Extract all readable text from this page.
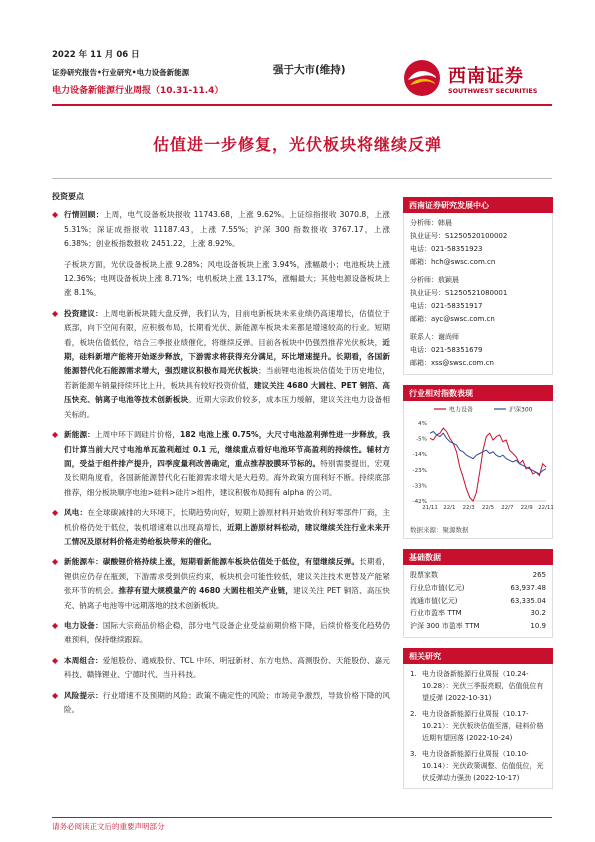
2022 年 11 月 06 日
证券研究报告•行业研究•电力设备新能源
电力设备新能源行业周报（10.31-11.4）
强于大市(维持)	西南证券
SOUTHWEST SECURITIES
估值进一步修复，光伏板块将继续反弹
投资要点
◆ 行情回顾：上周，电气设备板块报收 11743.68，上涨 9.62%。上证综指报收 3070.8，上涨 5.31%；深证成指报收 11187.43，上涨 7.55%；沪深 300 指数报收 3767.17，上涨 6.38%；创业板指数报收 2451.22，上涨 8.92%。
子板块方面，光伏设备板块上涨 9.28%；风电设备板块上涨 3.94%，涨幅最小；电池板块上涨 12.36%；电网设备板块上涨 8.71%；电机板块上涨 13.17%，涨幅最大；其他电源设备板块上涨 8.1%。
◆ 投资建议：上周电新板块随大盘反弹，我们认为，目前电新板块未来业绩仍高速增长，估值位于底部，向下空间有限，应积极布局，长期看光伏、新能源车板块未来都是增速较高的行业。短期看，板块估值低位，结合三季报业绩催化，将继续反弹。目前各板块中仍强烈推荐光伏板块，近期，硅料新增产能将开始逐步释放，下游需求将获得充分满足，环比增速提升。长期看，各国新能源替代化石能源需求增大，强烈建议积极布局光伏板块；当前锂电池板块估值处于历史地位，若新能源车销量持续环比上升，板块具有较好投资价值，建议关注 4680 大圆柱、PET 铜箔、高压快充、钠离子电池等技术创新板块。近期大宗政价较多，成本压力缓解，建议关注电力设备相关标的。
◆ 新能源：上周中环下调硅片价格，182 电池上涨 0.75%，大尺寸电池盈利弹性进一步释放，我们计算当前大尺寸电池单瓦盈利超过 0.1 元，继续重点看好电池环节高盈利的持续性。辅材方面，受益于组件排产提升，四季度量利改善确定，重点推荐胶膜环节标的。特别需要提出，宏观及长期角度看，各国新能源替代化石能源需求增大是大趋势。海外政策方面利好不断。持续底部推荐，细分板块顺序电池>硅料>硅片>组件，建议积极布局拥有 alpha 的公司。
◆ 风电：在全球碳减排的大环境下，长期趋势向好，短期上游原材料开始效价利好零部件厂商，主机价格仍处于低位，装机增速难以出现高增长，近期上游原材料松动，建议继续关注行业未来开工情况及原材料价格走势给板块带来的催化。
◆ 新能源车：碳酸锂价格持续上涨，短期看新能源车板块估值处于低位，有望继续反弹。长期看，锂供应仍存在瓶颈，下游需求受到供应约束，板块机会可能性较低，建议关注技术更替及产能紧张环节的机会。推荐有望大规模量产的 4680 大圆柱相关产业链，建议关注 PET 铜箔、高压快充、钠离子电池等中远期落地的技术创新板块。
◆ 电力设备：国际大宗商品价格企稳，部分电气设备企业受益前期价格下降，后续价格变化趋势仍难预料，保持继续跟踪。
◆ 本周组合：爱旭股份、通威股份、TCL 中环、明冠新材、东方电热、高测股份、天能股份、嘉元科技、赣锋锂业、宁德时代、当升科技。
◆ 风险提示：行业增速不及预期的风险；政策不确定性的风险；市场竞争激烈，导致价格下降的风险。
西南证券研究发展中心
分析师：韩晨
执业证号：S1250520100002
电话：021-58351923
邮箱：hch@swsc.com.cn
分析师：敖颖晨
执业证号：S1250521080001
电话：021-58351917
邮箱：ayc@swsc.com.cn
联系人：谢尚师
电话：021-58351679
邮箱：xss@swsc.com.cn
行业相对指数表现
电力设备	沪深300
4%
-5%
-14%
-23%
-33%
-42%
21/11 22/1 22/3 22/5 22/7 22/9 22/11
数据来源：聚源数据
基础数据
股票家数	265
行业总市值(亿元)	63,937.48
流通市值(亿元)	63,335.04
行业市盈率 TTM	30.2
沪深 300 市盈率 TTM	10.9
相关研究
1. 电力设备新能源行业周报（10.24-10.28）：光伏三季报亮眼，估值低位有望反弹 (2022-10-31)
2. 电力设备新能源行业周报（10.17-10.21）：光伏板块估值至落，硅料价格近期有望回落 (2022-10-24)
3. 电力设备新能源行业周报（10.10-10.14）：光伏政策调整、估值低位，光伏反弹动力强劲 (2022-10-17)
请务必阅读正文后的重要声明部分
